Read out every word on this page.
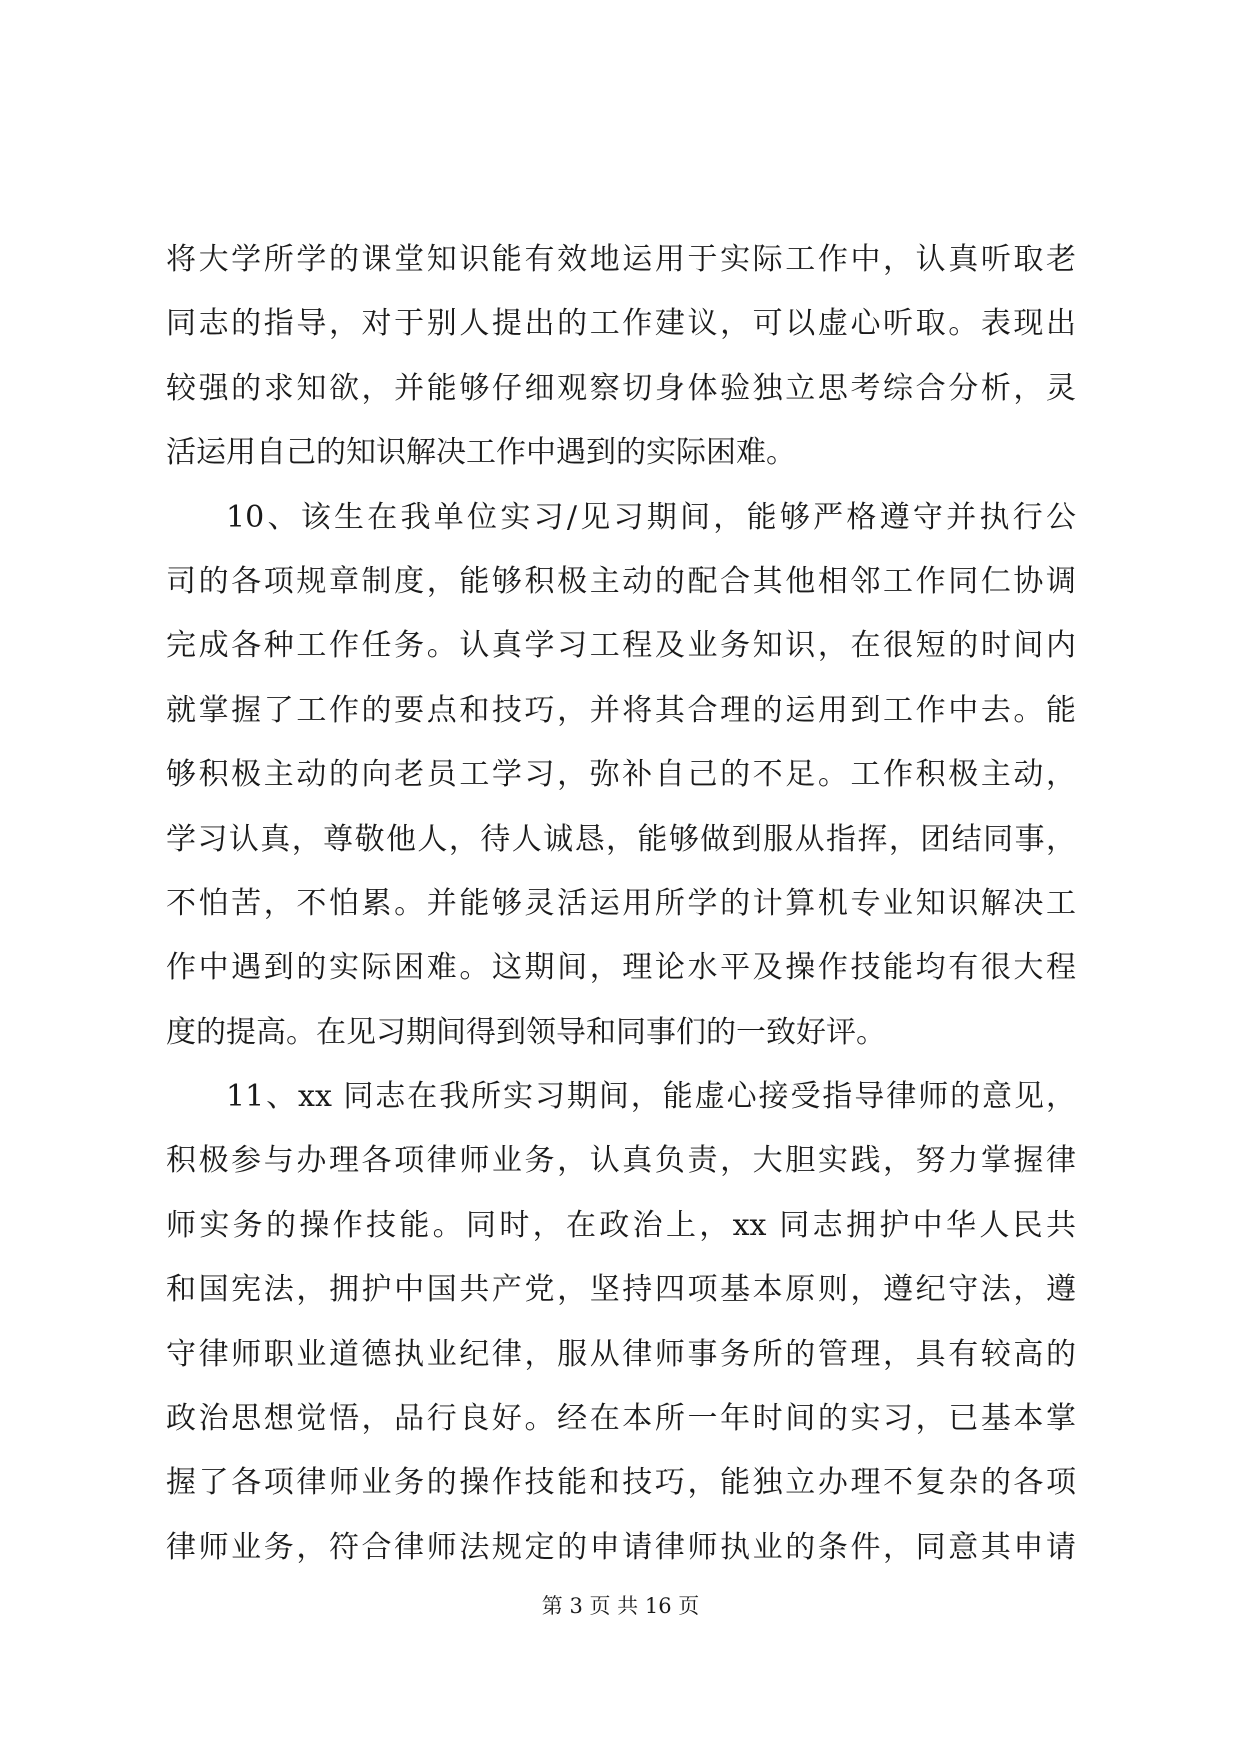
将大学所学的课堂知识能有效地运用于实际工作中，认真听取老
同志的指导，对于别人提出的工作建议，可以虚心听取。表现出
较强的求知欲，并能够仔细观察切身体验独立思考综合分析，灵
活运用自己的知识解决工作中遇到的实际困难。
10、该生在我单位实习/见习期间，能够严格遵守并执行公
司的各项规章制度，能够积极主动的配合其他相邻工作同仁协调
完成各种工作任务。认真学习工程及业务知识，在很短的时间内
就掌握了工作的要点和技巧，并将其合理的运用到工作中去。能
够积极主动的向老员工学习，弥补自己的不足。工作积极主动，
学习认真，尊敬他人，待人诚恳，能够做到服从指挥，团结同事，
不怕苦，不怕累。并能够灵活运用所学的计算机专业知识解决工
作中遇到的实际困难。这期间，理论水平及操作技能均有很大程
度的提高。在见习期间得到领导和同事们的一致好评。
11、xx 同志在我所实习期间，能虚心接受指导律师的意见，
积极参与办理各项律师业务，认真负责，大胆实践，努力掌握律
师实务的操作技能。同时，在政治上，xx 同志拥护中华人民共
和国宪法，拥护中国共产党，坚持四项基本原则，遵纪守法，遵
守律师职业道德执业纪律，服从律师事务所的管理，具有较高的
政治思想觉悟，品行良好。经在本所一年时间的实习，已基本掌
握了各项律师业务的操作技能和技巧，能独立办理不复杂的各项
律师业务，符合律师法规定的申请律师执业的条件，同意其申请
第 3 页 共 16 页
